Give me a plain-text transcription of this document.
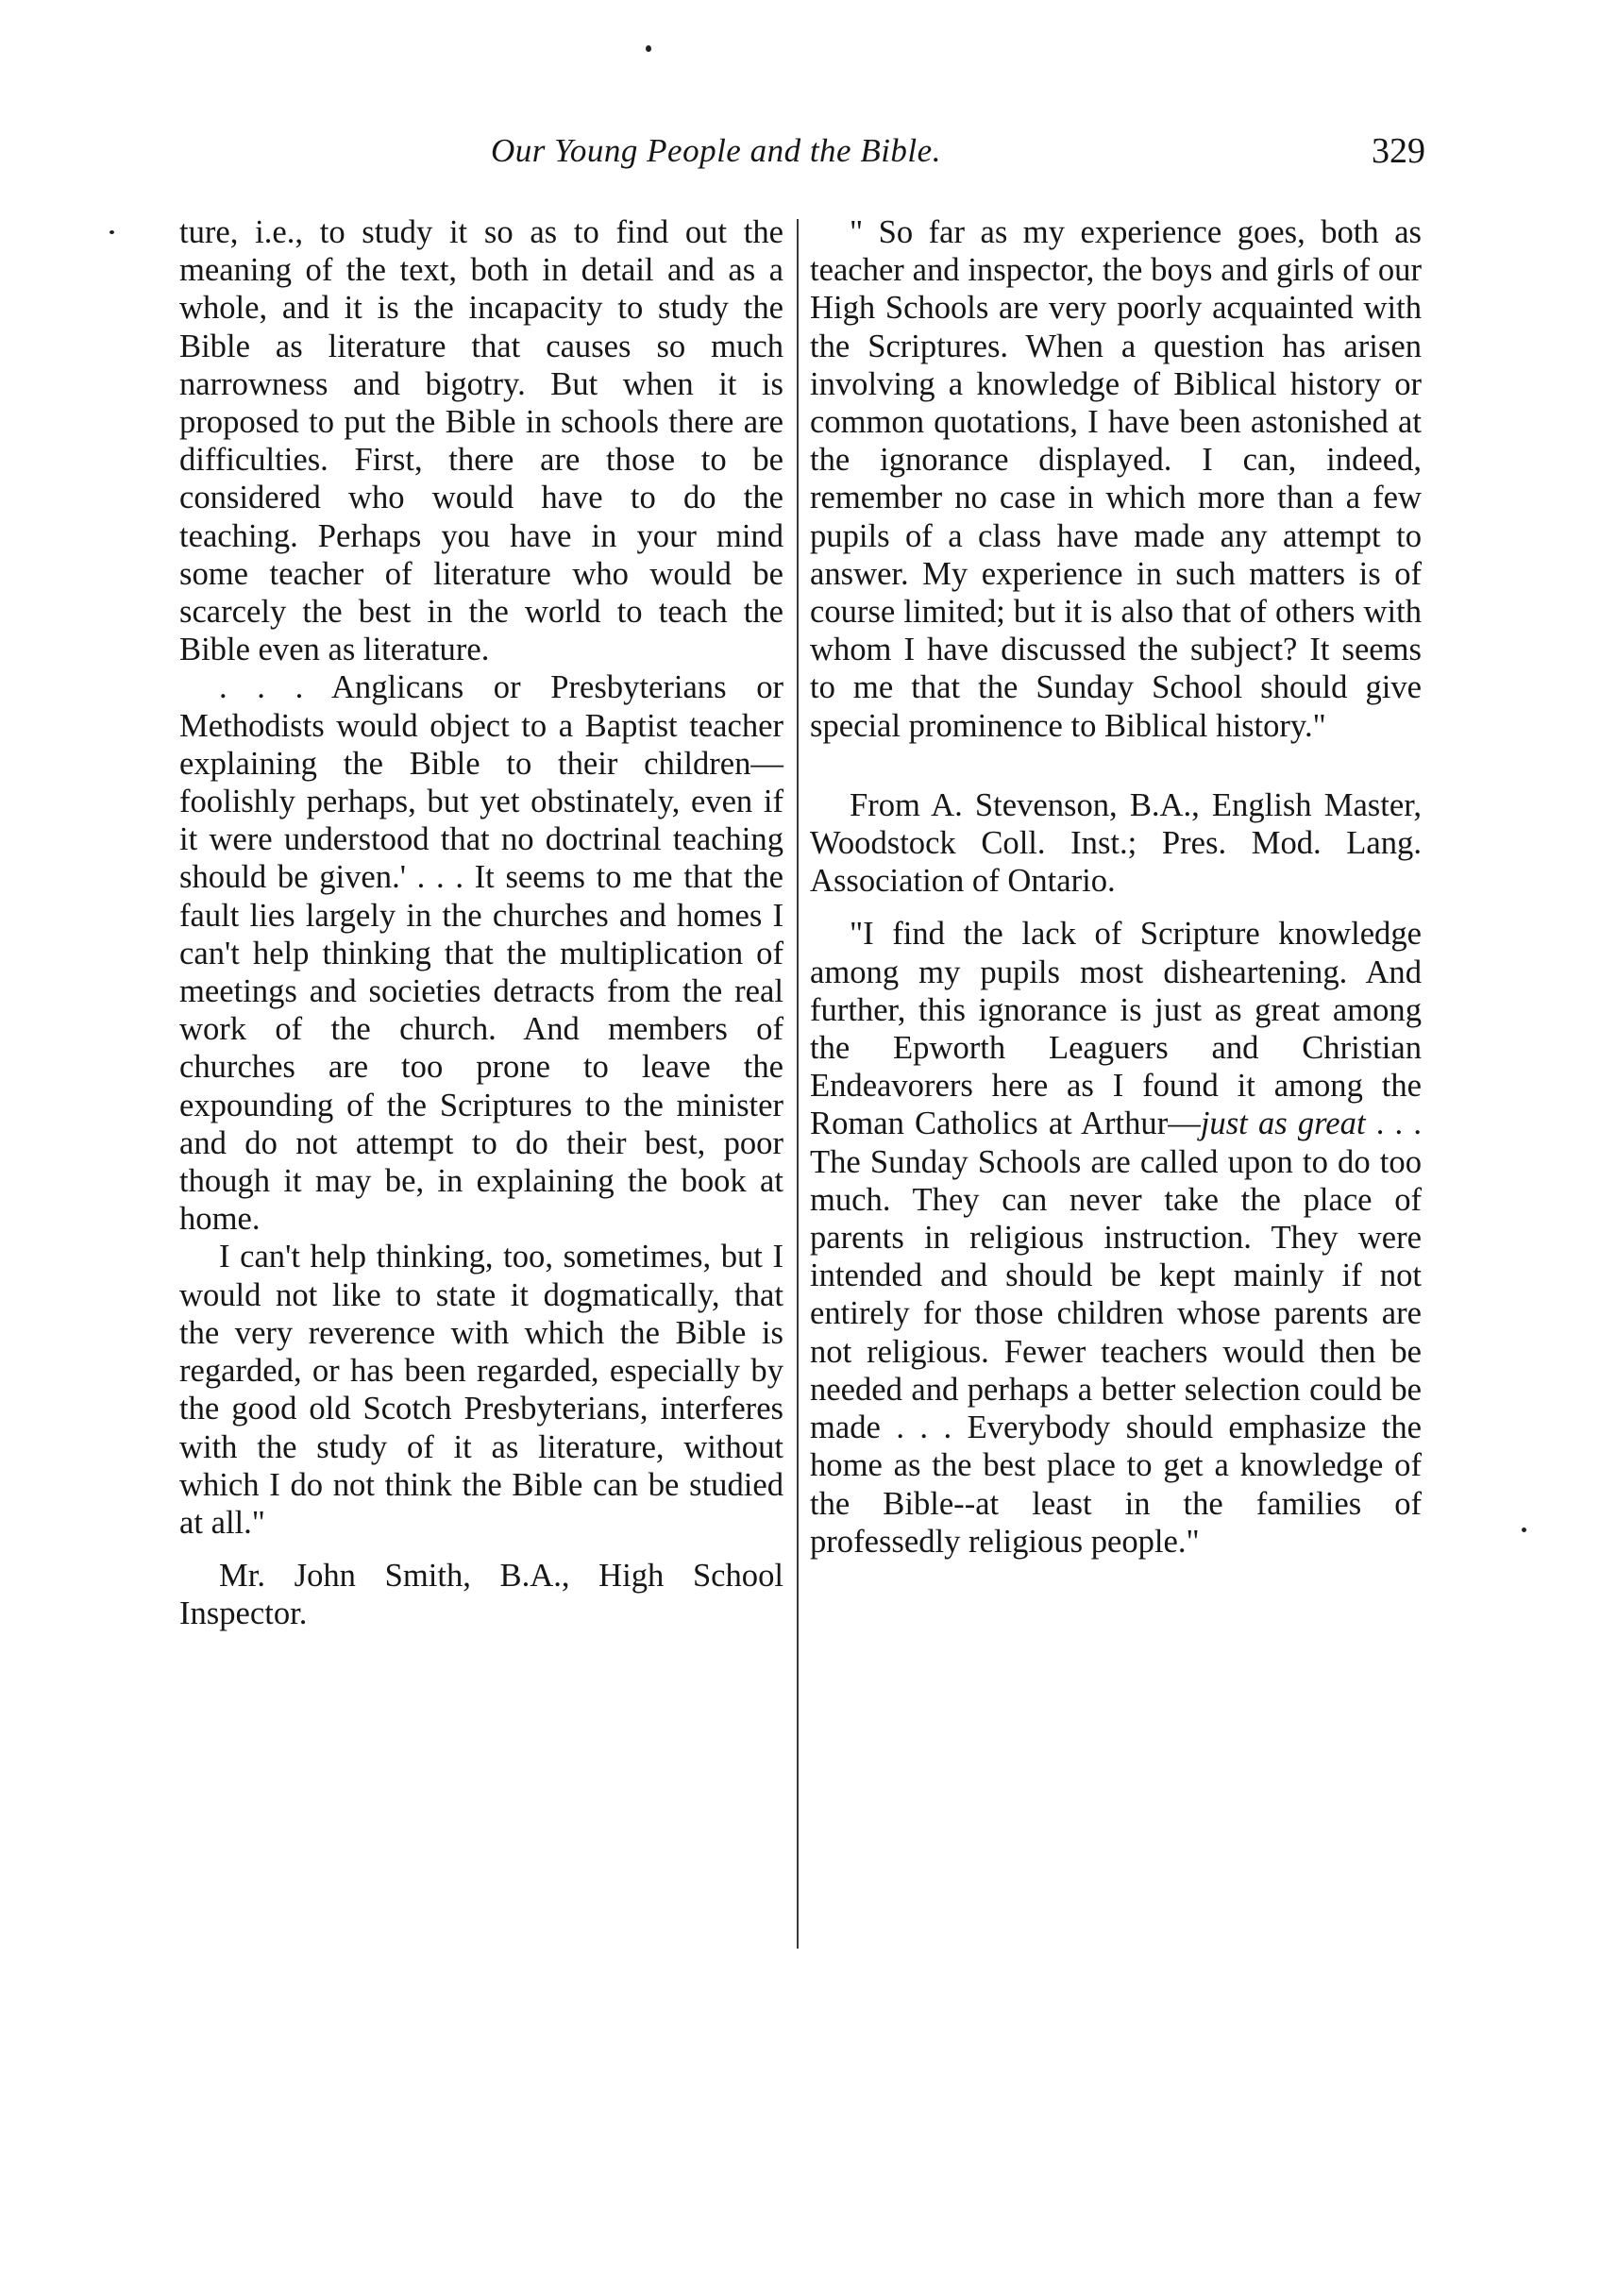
Our Young People and the Bible.	329

ture, i.e., to study it so as to find out the meaning of the text, both in detail and as a whole, and it is the incapacity to study the Bible as literature that causes so much narrowness and bigotry. But when it is proposed to put the Bible in schools there are difficulties. First, there are those to be considered who would have to do the teaching. Perhaps you have in your mind some teacher of literature who would be scarcely the best in the world to teach the Bible even as literature.

. . . Anglicans or Presbyterians or Methodists would object to a Baptist teacher explaining the Bible to their children—foolishly perhaps, but yet obstinately, even if it were understood that no doctrinal teaching should be given.' . . . It seems to me that the fault lies largely in the churches and homes I can't help thinking that the multiplication of meetings and societies detracts from the real work of the church. And members of churches are too prone to leave the expounding of the Scriptures to the minister and do not attempt to do their best, poor though it may be, in explaining the book at home.

I can't help thinking, too, sometimes, but I would not like to state it dogmatically, that the very reverence with which the Bible is regarded, or has been regarded, especially by the good old Scotch Presbyterians, interferes with the study of it as literature, without which I do not think the Bible can be studied at all."

Mr. John Smith, B.A., High School Inspector.

" So far as my experience goes, both as teacher and inspector, the boys and girls of our High Schools are very poorly acquainted with the Scriptures. When a question has arisen involving a knowledge of Biblical history or common quotations, I have been astonished at the ignorance displayed. I can, indeed, remember no case in which more than a few pupils of a class have made any attempt to answer. My experience in such matters is of course limited; but it is also that of others with whom I have discussed the subject? It seems to me that the Sunday School should give special prominence to Biblical history."

From A. Stevenson, B.A., English Master, Woodstock Coll. Inst.; Pres. Mod. Lang. Association of Ontario.

"I find the lack of Scripture knowledge among my pupils most disheartening. And further, this ignorance is just as great among the Epworth Leaguers and Christian Endeavorers here as I found it among the Roman Catholics at Arthur—just as great . . . The Sunday Schools are called upon to do too much. They can never take the place of parents in religious instruction. They were intended and should be kept mainly if not entirely for those children whose parents are not religious. Fewer teachers would then be needed and perhaps a better selection could be made . . . Everybody should emphasize the home as the best place to get a knowledge of the Bible--at least in the families of professedly religious people."
